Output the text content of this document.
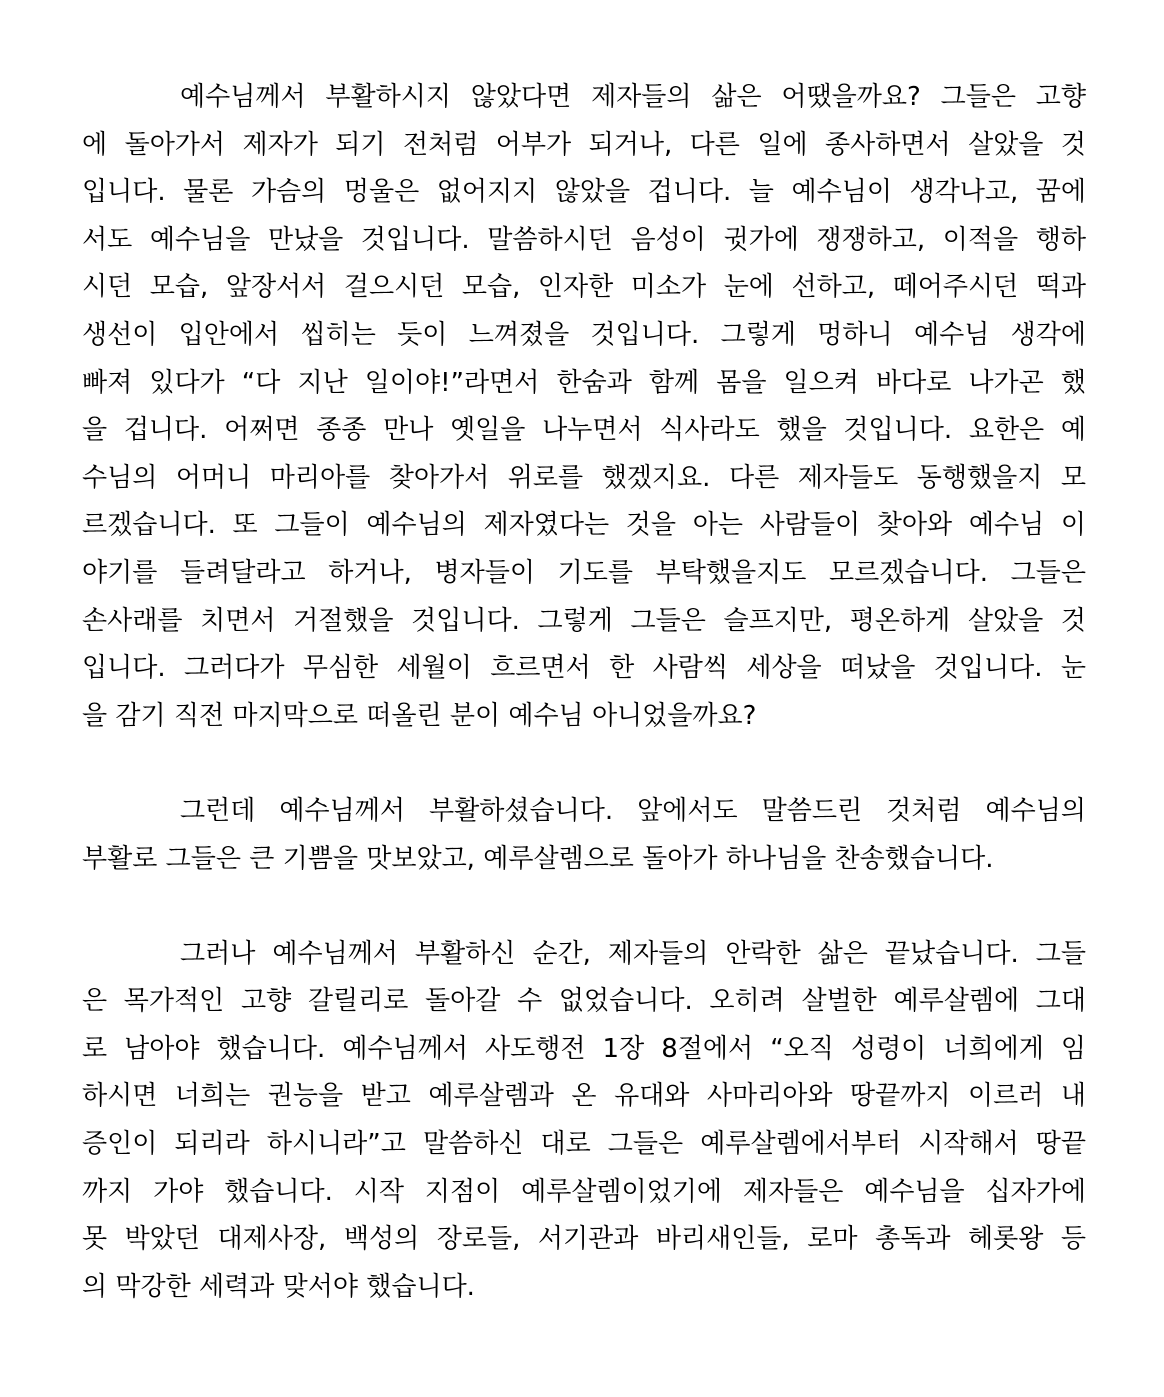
예수님께서 부활하시지 않았다면 제자들의 삶은 어땠을까요? 그들은 고향
에 돌아가서 제자가 되기 전처럼 어부가 되거나, 다른 일에 종사하면서 살았을 것
입니다. 물론 가슴의 멍울은 없어지지 않았을 겁니다. 늘 예수님이 생각나고, 꿈에
서도 예수님을 만났을 것입니다. 말씀하시던 음성이 귓가에 쟁쟁하고, 이적을 행하
시던 모습, 앞장서서 걸으시던 모습, 인자한 미소가 눈에 선하고, 떼어주시던 떡과
생선이 입안에서 씹히는 듯이 느껴졌을 것입니다. 그렇게 멍하니 예수님 생각에
빠져 있다가 “다 지난 일이야!”라면서 한숨과 함께 몸을 일으켜 바다로 나가곤 했
을 겁니다. 어쩌면 종종 만나 옛일을 나누면서 식사라도 했을 것입니다. 요한은 예
수님의 어머니 마리아를 찾아가서 위로를 했겠지요. 다른 제자들도 동행했을지 모
르겠습니다. 또 그들이 예수님의 제자였다는 것을 아는 사람들이 찾아와 예수님 이
야기를 들려달라고 하거나, 병자들이 기도를 부탁했을지도 모르겠습니다. 그들은
손사래를 치면서 거절했을 것입니다. 그렇게 그들은 슬프지만, 평온하게 살았을 것
입니다. 그러다가 무심한 세월이 흐르면서 한 사람씩 세상을 떠났을 것입니다. 눈
을 감기 직전 마지막으로 떠올린 분이 예수님 아니었을까요?
그런데 예수님께서 부활하셨습니다. 앞에서도 말씀드린 것처럼 예수님의
부활로 그들은 큰 기쁨을 맛보았고, 예루살렘으로 돌아가 하나님을 찬송했습니다.
그러나 예수님께서 부활하신 순간, 제자들의 안락한 삶은 끝났습니다. 그들
은 목가적인 고향 갈릴리로 돌아갈 수 없었습니다. 오히려 살벌한 예루살렘에 그대
로 남아야 했습니다. 예수님께서 사도행전 1장 8절에서 “오직 성령이 너희에게 임
하시면 너희는 권능을 받고 예루살렘과 온 유대와 사마리아와 땅끝까지 이르러 내
증인이 되리라 하시니라”고 말씀하신 대로 그들은 예루살렘에서부터 시작해서 땅끝
까지 가야 했습니다. 시작 지점이 예루살렘이었기에 제자들은 예수님을 십자가에
못 박았던 대제사장, 백성의 장로들, 서기관과 바리새인들, 로마 총독과 헤롯왕 등
의 막강한 세력과 맞서야 했습니다.
